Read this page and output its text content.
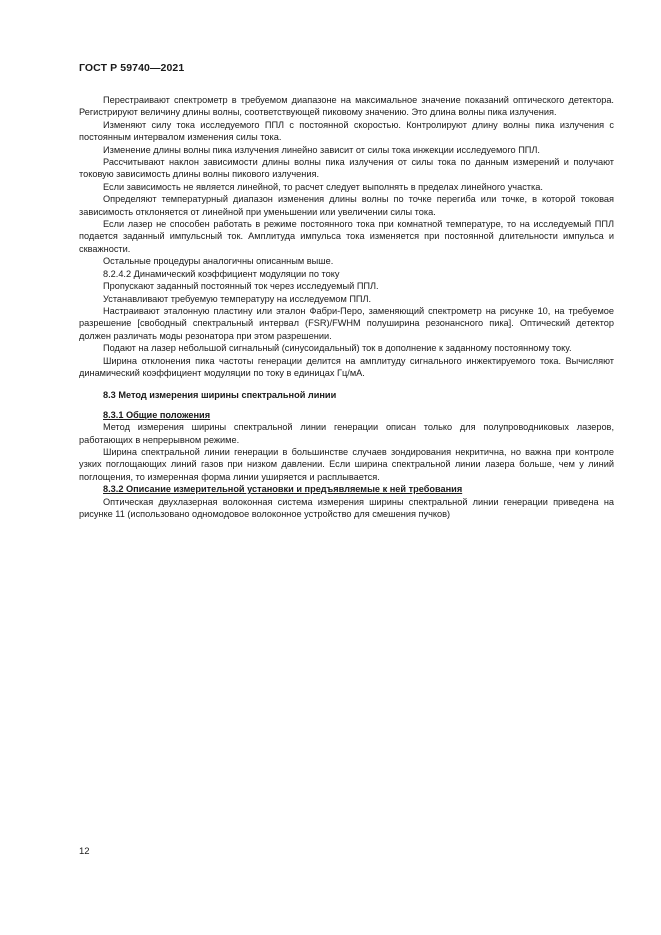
ГОСТ Р 59740—2021

Перестраивают спектрометр в требуемом диапазоне на максимальное значение показаний оптического детектора. Регистрируют величину длины волны, соответствующей пиковому значению. Это длина волны пика излучения.

Изменяют силу тока исследуемого ППЛ с постоянной скоростью. Контролируют длину волны пика излучения с постоянным интервалом изменения силы тока.

Изменение длины волны пика излучения линейно зависит от силы тока инжекции исследуемого ППЛ.

Рассчитывают наклон зависимости длины волны пика излучения от силы тока по данным измерений и получают токовую зависимость длины волны пикового излучения.

Если зависимость не является линейной, то расчет следует выполнять в пределах линейного участка.

Определяют температурный диапазон изменения длины волны по точке перегиба или точке, в которой токовая зависимость отклоняется от линейной при уменьшении или увеличении силы тока.

Если лазер не способен работать в режиме постоянного тока при комнатной температуре, то на исследуемый ППЛ подается заданный импульсный ток. Амплитуда импульса тока изменяется при постоянной длительности импульса и скважности.

Остальные процедуры аналогичны описанным выше.

8.2.4.2 Динамический коэффициент модуляции по току

Пропускают заданный постоянный ток через исследуемый ППЛ.

Устанавливают требуемую температуру на исследуемом ППЛ.

Настраивают эталонную пластину или эталон Фабри-Перо, заменяющий спектрометр на рисунке 10, на требуемое разрешение [свободный спектральный интервал (FSR)/FWHM полуширина резонансного пика]. Оптический детектор должен различать моды резонатора при этом разрешении.

Подают на лазер небольшой сигнальный (синусоидальный) ток в дополнение к заданному постоянному току.

Ширина отклонения пика частоты генерации делится на амплитуду сигнального инжектируемого тока. Вычисляют динамический коэффициент модуляции по току в единицах Гц/мА.

8.3 Метод измерения ширины спектральной линии

8.3.1 Общие положения

Метод измерения ширины спектральной линии генерации описан только для полупроводниковых лазеров, работающих в непрерывном режиме.

Ширина спектральной линии генерации в большинстве случаев зондирования некритична, но важна при контроле узких поглощающих линий газов при низком давлении. Если ширина спектральной линии лазера больше, чем у линий поглощения, то измеренная форма линии уширяется и расплывается.

8.3.2 Описание измерительной установки и предъявляемые к ней требования

Оптическая двухлазерная волоконная система измерения ширины спектральной линии генерации приведена на рисунке 11 (использовано одномодовое волоконное устройство для смешения пучков)

12
